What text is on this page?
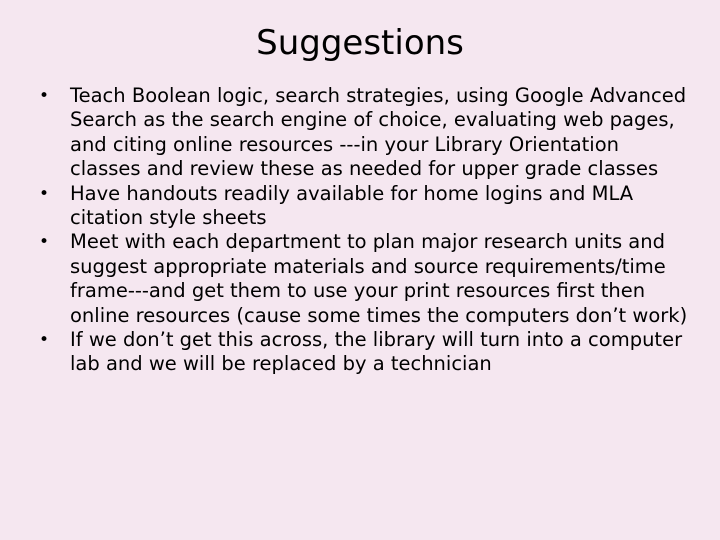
Suggestions
• Teach Boolean logic, search strategies, using Google Advanced Search as the search engine of choice, evaluating web pages, and citing online resources ---in your Library Orientation classes and review these as needed for upper grade classes
• Have handouts readily available for home logins and MLA citation style sheets
• Meet with each department to plan major research units and suggest appropriate materials and source requirements/time frame---and get them to use your print resources first then online resources (cause some times the computers don’t work)
• If we don’t get this across, the library will turn into a computer lab and we will be replaced by a technician
